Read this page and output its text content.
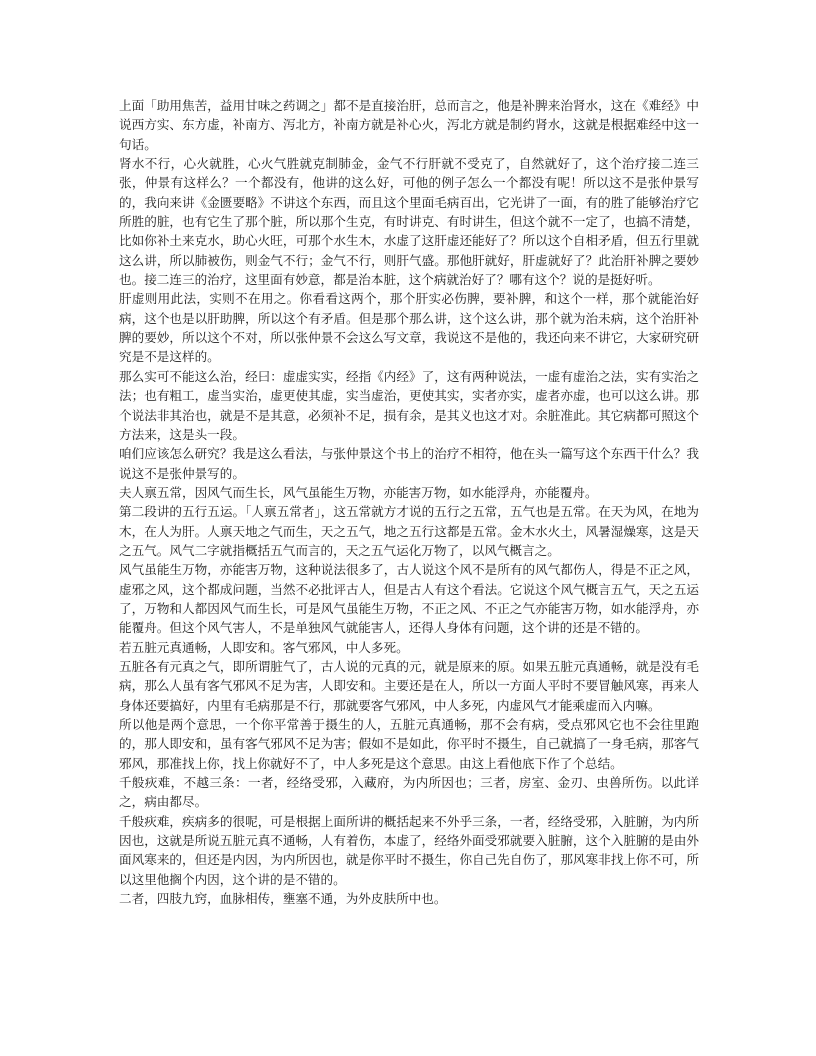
上面「助用焦苦，益用甘味之药调之」都不是直接治肝，总而言之，他是补脾来治肾水，这在《难经》中说西方实、东方虚，补南方、泻北方，补南方就是补心火，泻北方就是制约肾水，这就是根据难经中这一句话。

肾水不行，心火就胜，心火气胜就克制肺金，金气不行肝就不受克了，自然就好了，这个治疗接二连三张，仲景有这样么？一个都没有，他讲的这么好，可他的例子怎么一个都没有呢！所以这不是张仲景写的，我向来讲《金匮要略》不讲这个东西，而且这个里面毛病百出，它光讲了一面，有的胜了能够治疗它所胜的脏，也有它生了那个脏，所以那个生克，有时讲克、有时讲生，但这个就不一定了，也搞不清楚，比如你补土来克水，助心火旺，可那个水生木，水虚了这肝虚还能好了？所以这个自相矛盾，但五行里就这么讲，所以肺被伤，则金气不行；金气不行，则肝气盛。那他肝就好，肝虚就好了？此治肝补脾之要妙也。接二连三的治疗，这里面有妙意，都是治本脏，这个病就治好了？哪有这个？说的是挺好听。

肝虚则用此法，实则不在用之。你看看这两个，那个肝实必伤脾，要补脾，和这个一样，那个就能治好病，这个也是以肝助脾，所以这个有矛盾。但是那个那么讲，这个这么讲，那个就为治未病，这个治肝补脾的要妙，所以这个不对，所以张仲景不会这么写文章，我说这不是他的，我还向来不讲它，大家研究研究是不是这样的。

那么实可不能这么治，经曰：虚虚实实，经指《内经》了，这有两种说法，一虚有虚治之法，实有实治之法；也有粗工，虚当实治，虚更使其虚，实当虚治，更使其实，实者亦实，虚者亦虚，也可以这么讲。那个说法非其治也，就是不是其意，必须补不足，损有余，是其义也这才对。余脏准此。其它病都可照这个方法来，这是头一段。

咱们应该怎么研究？我是这么看法，与张仲景这个书上的治疗不相符，他在头一篇写这个东西干什么？我说这不是张仲景写的。

夫人禀五常，因风气而生长，风气虽能生万物，亦能害万物，如水能浮舟，亦能覆舟。

第二段讲的五行五运。「人禀五常者」，这五常就方才说的五行之五常，五气也是五常。在天为风，在地为木，在人为肝。人禀天地之气而生，天之五气，地之五行这都是五常。金木水火土，风暑湿燥寒，这是天之五气。风气二字就指概括五气而言的，天之五气运化万物了，以风气概言之。

风气虽能生万物，亦能害万物，这种说法很多了，古人说这个风不是所有的风气都伤人，得是不正之风，虚邪之风，这个都成问题，当然不必批评古人，但是古人有这个看法。它说这个风气概言五气，天之五运了，万物和人都因风气而生长，可是风气虽能生万物，不正之风、不正之气亦能害万物，如水能浮舟，亦能覆舟。但这个风气害人，不是单独风气就能害人，还得人身体有问题，这个讲的还是不错的。

若五脏元真通畅，人即安和。客气邪风，中人多死。

五脏各有元真之气，即所谓脏气了，古人说的元真的元，就是原来的原。如果五脏元真通畅，就是没有毛病，那么人虽有客气邪风不足为害，人即安和。主要还是在人，所以一方面人平时不要冒触风寒，再来人身体还要搞好，内里有毛病那是不行，那就要客气邪风，中人多死，内虚风气才能乘虚而入内嘛。

所以他是两个意思，一个你平常善于摄生的人，五脏元真通畅，那不会有病，受点邪风它也不会往里跑的，那人即安和，虽有客气邪风不足为害；假如不是如此，你平时不摄生，自己就搞了一身毛病，那客气邪风，那准找上你，找上你就好不了，中人多死是这个意思。由这上看他底下作了个总结。

千般疢难，不越三条：一者，经络受邪，入藏府，为内所因也；三者，房室、金刃、虫兽所伤。以此详之，病由都尽。

千般疢难，疾病多的很呢，可是根据上面所讲的概括起来不外乎三条，一者，经络受邪，入脏腑，为内所因也，这就是所说五脏元真不通畅，人有着伤，本虚了，经络外面受邪就要入脏腑，这个入脏腑的是由外面风寒来的，但还是内因，为内所因也，就是你平时不摄生，你自己先自伤了，那风寒非找上你不可，所以这里他搁个内因，这个讲的是不错的。

二者，四肢九窍，血脉相传，壅塞不通，为外皮肤所中也。
